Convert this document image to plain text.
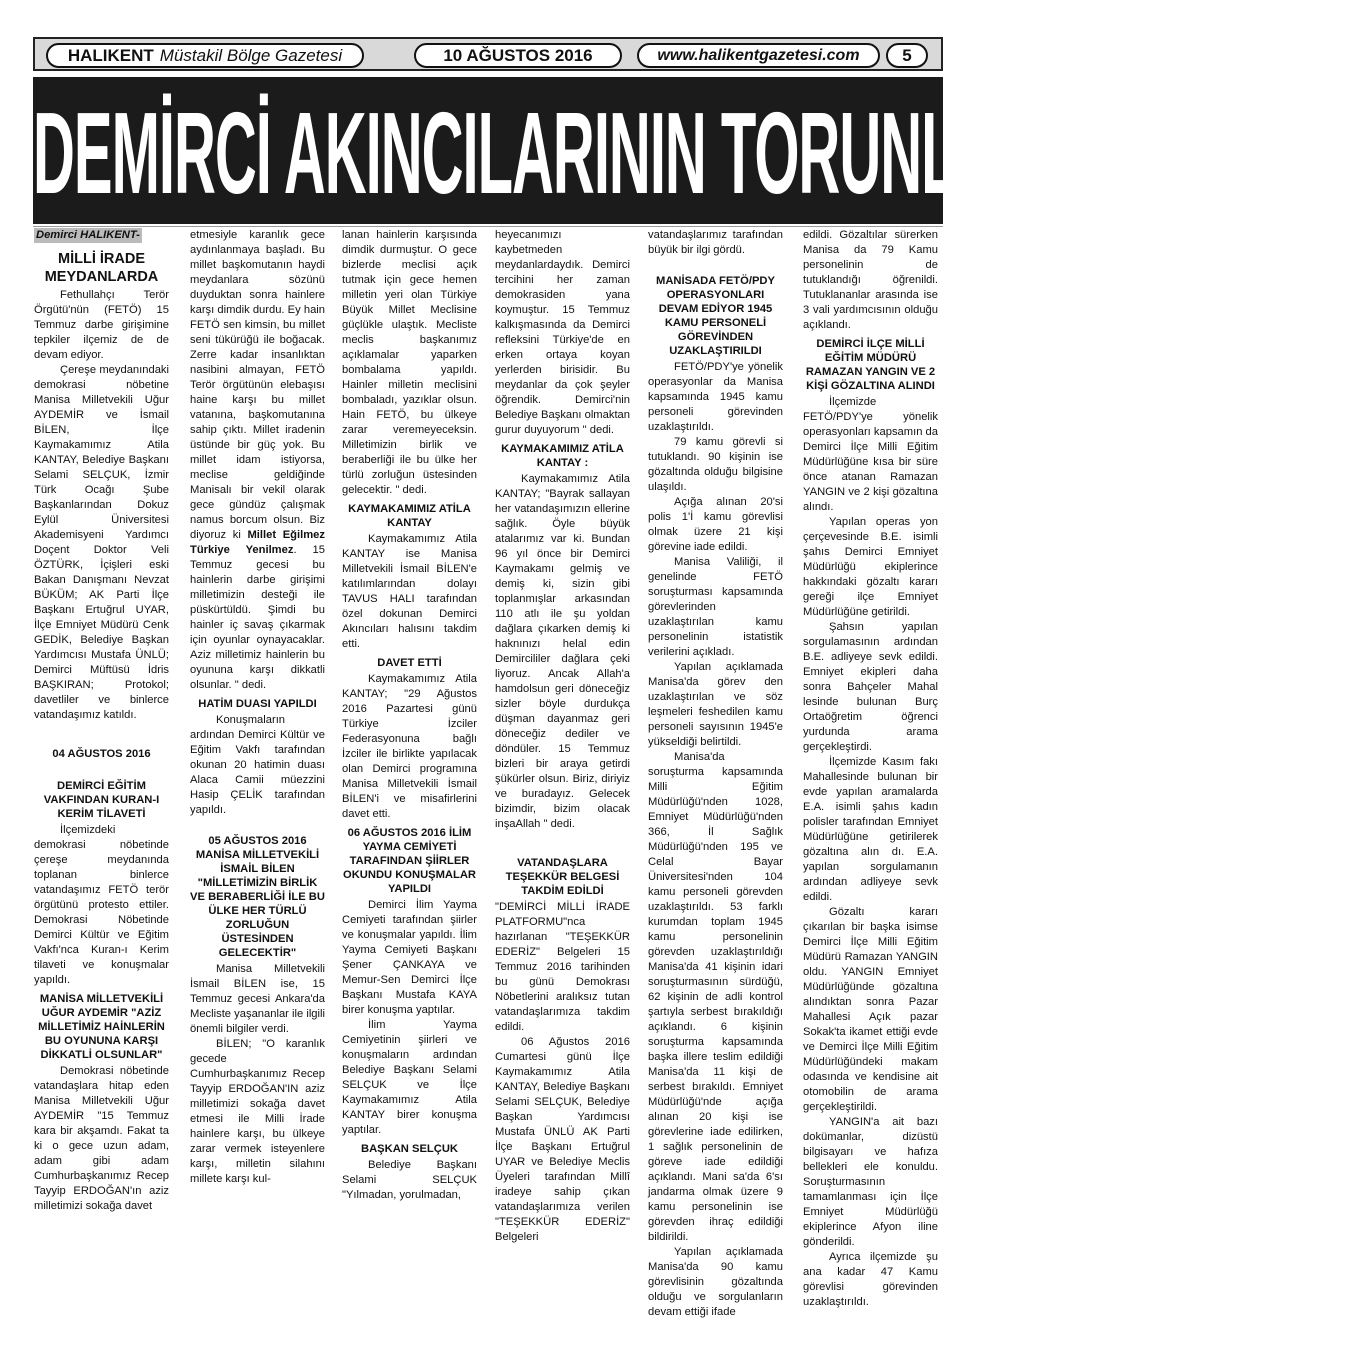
HALIKENT Müstakil Bölge Gazetesi	10 AĞUSTOS 2016	www.halikentgazetesi.com	5
DEMİRCİ AKINCILARININ TORUNLARI GÖREVDE
Demirci HALIKENT-
MİLLİ İRADE MEYDANLARDA

Fethullahçı Terör Örgütü'nün (FETÖ) 15 Temmuz darbe girişimine tepkiler ilçemiz de de devam ediyor.

Çereşe meydanındaki demokrasi nöbetine Manisa Milletvekili Uğur AYDEMİR ve İsmail BİLEN, İlçe Kaymakamımız Atila KANTAY, Belediye Başkanı Selami SELÇUK, İzmir Türk Ocağı Şube Başkanlarından Dokuz Eylül Üniversitesi Akademisyeni Yardımcı Doçent Doktor Veli ÖZTÜRK, İçişleri eski Bakan Danışmanı Nevzat BÜKÜM; AK Parti İlçe Başkanı Ertuğrul UYAR, İlçe Emniyet Müdürü Cenk GEDİK, Belediye Başkan Yardımcısı Mustafa ÜNLÜ; Demirci Müftüsü İdris BAŞKIRAN; Protokol; davetliler ve binlerce vatandaşımız katıldı.

04 AĞUSTOS 2016
DEMİRCİ EĞİTİM VAKFINDAN KURAN-I KERİM TİLAVETİ

İlçemizdeki demokrasi nöbetinde çereşe meydanında toplanan binlerce vatandaşımız FETÖ terör örgütünü protesto ettiler. Demokrasi Nöbetinde Demirci Kültür ve Eğitim Vakfı'nca Kuran-ı Kerim tilaveti ve konuşmalar yapıldı.

MANİSA MİLLETVEKİLİ UĞUR AYDEMİR "AZİZ MİLLETİMİZ HAİNLERİN BU OYUNUNA KARŞI DİKKATLİ OLSUNLAR"

Demokrasi nöbetinde vatandaşlara hitap eden Manisa Milletvekili Uğur AYDEMİR "15 Temmuz kara bir akşamdı. Fakat ta ki o gece uzun adam, adam gibi adam Cumhurbaşkanımız Recep Tayyip ERDOĞAN'ın aziz milletimizi sokağa davet

etmesiyle karanlık gece aydınlanmaya başladı. Bu millet başkomutanın haydi meydanlara sözünü duyduktan sonra hainlere karşı dimdik durdu. Ey hain FETÖ sen kimsin, bu millet seni tükürüğü ile boğacak. Zerre kadar insanlıktan nasibini almayan, FETÖ Terör örgütünün elebaşısı haine karşı bu millet vatanına, başkomutanına sahip çıktı. Millet iradenin üstünde bir güç yok. Bu millet idam istiyorsa, meclise geldiğinde Manisalı bir vekil olarak gece gündüz çalışmak namus borcum olsun. Biz diyoruz ki Millet Eğilmez Türkiye Yenilmez. 15 Temmuz gecesi bu hainlerin darbe girişimi milletimizin desteği ile püskürtüldü. Şimdi bu hainler iç savaş çıkarmak için oyunlar oynayacaklar. Aziz milletimiz hainlerin bu oyununa karşı dikkatli olsunlar. " dedi.

HATİM DUASI YAPILDI

Konuşmaların ardından Demirci Kültür ve Eğitim Vakfı tarafından okunan 20 hatimin duası Alaca Camii müezzini Hasip ÇELİK tarafından yapıldı.

05 AĞUSTOS 2016 MANİSA MİLLETVEKİLİ İSMAİL BİLEN "MİLLETİMİZİN BİRLİK VE BERABERLİĞİ İLE BU ÜLKE HER TÜRLÜ ZORLUĞUN ÜSTESİNDEN GELECEKTİR"

Manisa Milletvekili İsmail BİLEN ise, 15 Temmuz gecesi Ankara'da Mecliste yaşananlar ile ilgili önemli bilgiler verdi.

BİLEN; "O karanlık gecede Cumhurbaşkanımız Recep Tayyip ERDOĞAN'IN aziz milletimizi sokağa davet etmesi ile Milli İrade hainlere karşı, bu ülkeye zarar vermek isteyenlere karşı, milletin silahını millete karşı kul-

lanan hainlerin karşısında dimdik durmuştur. O gece bizlerde meclisi açık tutmak için gece hemen milletin yeri olan Türkiye Büyük Millet Meclisine güçlükle ulaştık. Mecliste meclis başkanımız açıklamalar yaparken bombalama yapıldı. Hainler milletin meclisini bombaladı, yazıklar olsun. Hain FETÖ, bu ülkeye zarar veremeyeceksin. Milletimizin birlik ve beraberliği ile bu ülke her türlü zorluğun üstesinden gelecektir. " dedi.

KAYMAKAMIMIZ ATİLA KANTAY

Kaymakamımız Atila KANTAY ise Manisa Milletvekili İsmail BİLEN'e katılımlarından dolayı TAVUS HALI tarafından özel dokunan Demirci Akıncıları halısını takdim etti.

DAVET ETTİ

Kaymakamımız Atila KANTAY; "29 Ağustos 2016 Pazartesi günü Türkiye İzciler Federasyonuna bağlı İzciler ile birlikte yapılacak olan Demirci programına Manisa Milletvekili İsmail BİLEN'i ve misafirlerini davet etti.

06 AĞUSTOS 2016 İLİM YAYMA CEMİYETİ TARAFINDAN ŞİİRLER OKUNDU KONUŞMALAR YAPILDI

Demirci İlim Yayma Cemiyeti tarafından şiirler ve konuşmalar yapıldı. İlim Yayma Cemiyeti Başkanı Şener ÇANKAYA ve Memur-Sen Demirci İlçe Başkanı Mustafa KAYA birer konuşma yaptılar.

İlim Yayma Cemiyetinin şiirleri ve konuşmaların ardından Belediye Başkanı Selami SELÇUK ve İlçe Kaymakamımız Atila KANTAY birer konuşma yaptılar.

BAŞKAN SELÇUK

Belediye Başkanı Selami SELÇUK "Yılmadan, yorulmadan,

heyecanımızı kaybetmeden meydanlardaydık. Demirci tercihini her zaman demokrasiden yana koymuştur. 15 Temmuz kalkışmasında da Demirci refleksini Türkiye'de en erken ortaya koyan yerlerden birisidir. Bu meydanlar da çok şeyler öğrendik. Demirci'nin Belediye Başkanı olmaktan gurur duyuyorum " dedi.

KAYMAKAMIMIZ ATİLA KANTAY :

Kaymakamımız Atila KANTAY; "Bayrak sallayan her vatandaşımızın ellerine sağlık. Öyle büyük atalarımız var ki. Bundan 96 yıl önce bir Demirci Kaymakamı gelmiş ve demiş ki, sizin gibi toplanmışlar arkasından 110 atlı ile şu yoldan dağlara çıkarken demiş ki haknınızı helal edin Demircililer dağlara çeki liyoruz. Ancak Allah'a hamdolsun geri döneceğiz sizler böyle durdukça düşman dayanmaz geri döneceğiz dediler ve döndüler. 15 Temmuz bizleri bir araya getirdi şükürler olsun. Biriz, diriyiz ve buradayız. Gelecek bizimdir, bizim olacak inşaAllah " dedi.

VATANDAŞLARA TEŞEKKÜR BELGESİ TAKDİM EDİLDİ

"DEMİRCİ MİLLİ İRADE PLATFORMU"nca hazırlanan "TEŞEKKÜR EDERİZ" Belgeleri 15 Temmuz 2016 tarihinden bu günü Demokrası Nöbetlerini aralıksız tutan vatandaşlarımıza takdim edildi.

06 Ağustos 2016 Cumartesi günü İlçe Kaymakamımız Atila KANTAY, Belediye Başkanı Selami SELÇUK, Belediye Başkan Yardımcısı Mustafa ÜNLÜ AK Parti İlçe Başkanı Ertuğrul UYAR ve Belediye Meclis Üyeleri tarafından Millî iradeye sahip çıkan vatandaşlarımıza verilen "TEŞEKKÜR EDERİZ" Belgeleri

vatandaşlarımız tarafından büyük bir ilgi gördü.

MANİSADA FETÖ/PDY OPERASYONLARI DEVAM EDİYOR 1945 KAMU PERSONELİ GÖREVİNDEN UZAKLAŞTIRILDI

FETÖ/PDY'ye yönelik operasyonlar da Manisa kapsamında 1945 kamu personeli görevinden uzaklaştırıldı.

79 kamu görevli si tutuklandı. 90 kişinin ise gözaltında olduğu bilgisine ulaşıldı.

Açığa alınan 20'si polis 1'İ kamu görevlisi olmak üzere 21 kişi görevine iade edildi.

Manisa Valiliği, il genelinde FETÖ soruşturması kapsamında görevlerinden uzaklaştırılan kamu personelinin istatistik verilerini açıkladı.

Yapılan açıklamada Manisa'da görev den uzaklaştırılan ve söz leşmeleri feshedilen kamu personeli sayısının 1945'e yükseldiği belirtildi.

Manisa'da soruşturma kapsamında Milli Eğitim Müdürlüğü'nden 1028, Emniyet Müdürlüğü'nden 366, İl Sağlık Müdürlüğü'nden 195 ve Celal Bayar Üniversitesi'nden 104 kamu personeli görevden uzaklaştırıldı. 53 farklı kurumdan toplam 1945 kamu personelinin görevden uzaklaştırıldığı Manisa'da 41 kişinin idari soruşturmasının sürdüğü, 62 kişinin de adli kontrol şartıyla serbest bırakıldığı açıklandı. 6 kişinin soruşturma kapsamında başka illere teslim edildiği Manisa'da 11 kişi de serbest bırakıldı. Emniyet Müdürlüğü'nde açığa alınan 20 kişi ise görevlerine iade edilirken, 1 sağlık personelinin de göreve iade edildiği açıklandı. Mani sa'da 6'sı jandarma olmak üzere 9 kamu personelinin ise görevden ihraç edildiği bildirildi.

Yapılan açıklamada Manisa'da 90 kamu görevlisinin gözaltında olduğu ve sorgulanların devam ettiği ifade

edildi. Gözaltılar sürerken Manisa da 79 Kamu personelinin de tutuklandığı öğrenildi. Tutuklananlar arasında ise 3 vali yardımcısının olduğu açıklandı.

DEMİRCİ İLÇE MİLLİ EĞİTİM MÜDÜRÜ RAMAZAN YANGIN VE 2 KİŞİ GÖZALTINA ALINDI

İlçemizde FETÖ/PDY'ye yönelik operasyonları kapsamın da Demirci İlçe Milli Eğitim Müdürlüğüne kısa bir süre önce atanan Ramazan YANGIN ve 2 kişi gözaltına alındı.

Yapılan operas yon çerçevesinde B.E. isimli şahıs Demirci Emniyet Müdürlüğü ekiplerince hakkındaki gözaltı kararı gereği ilçe Emniyet Müdürlüğüne getirildi.

Şahsın yapılan sorgulamasının ardından B.E. adliyeye sevk edildi. Emniyet ekipleri daha sonra Bahçeler Mahal lesinde bulunan Burç Ortaöğretim öğrenci yurdunda arama gerçekleştirdi.

İlçemizde Kasım fakı Mahallesinde bulunan bir evde yapılan aramalarda E.A. isimli şahıs kadın polisler tarafından Emniyet Müdürlüğüne getirilerek gözaltına alın dı. E.A. yapılan sorgulamanın ardından adliyeye sevk edildi.

Gözaltı kararı çıkarılan bir başka isimse Demirci İlçe Milli Eğitim Müdürü Ramazan YANGIN oldu. YANGIN Emniyet Müdürlüğünde gözaltına alındıktan sonra Pazar Mahallesi Açık pazar Sokak'ta ikamet ettiği evde ve Demirci İlçe Milli Eğitim Müdürlüğündeki makam odasında ve kendisine ait otomobilin de arama gerçekleştirildi.

YANGIN'a ait bazı dokümanlar, dizüstü bilgisayarı ve hafıza bellekleri ele konuldu. Soruşturmasının tamamlanması için İlçe Emniyet Müdürlüğü ekiplerince Afyon iline gönderildi.

Ayrıca ilçemizde şu ana kadar 47 Kamu görevlisi görevinden uzaklaştırıldı.
